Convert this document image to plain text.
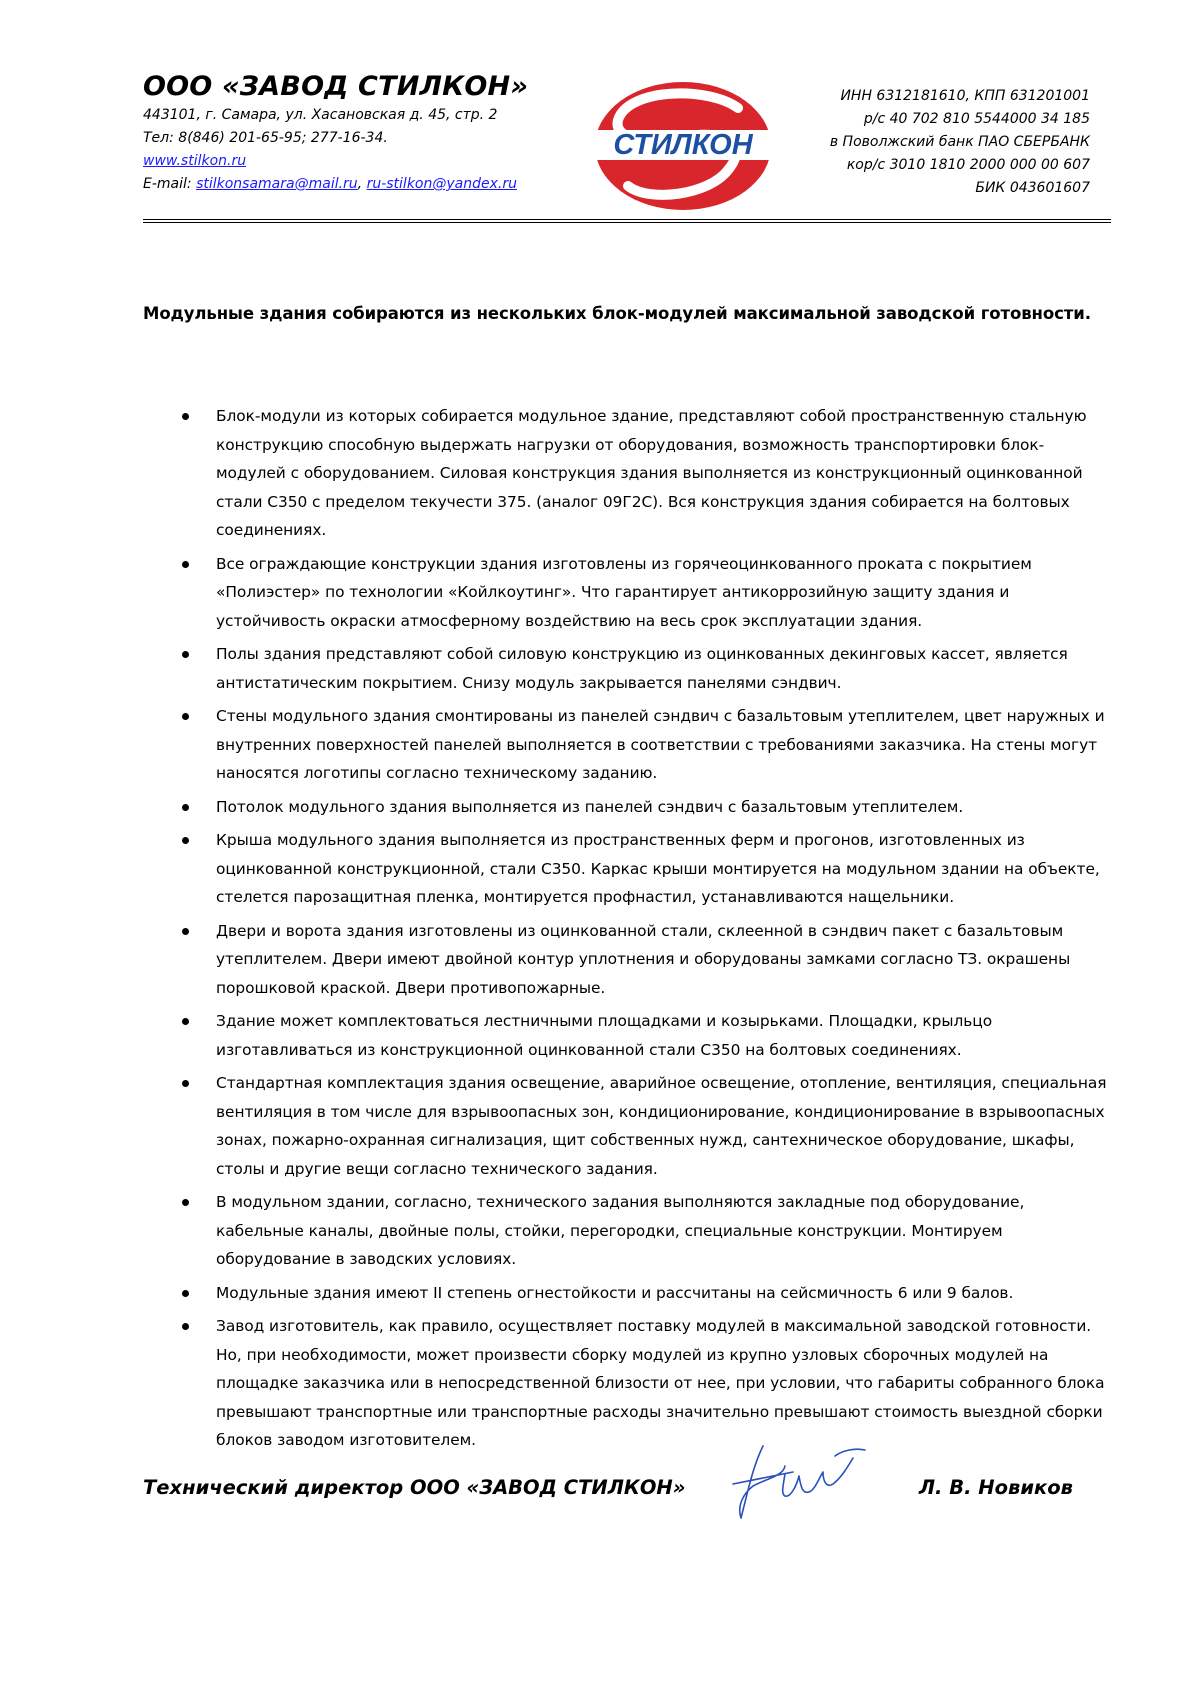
ООО «ЗАВОД СТИЛКОН»
443101, г. Самара, ул. Хасановская д. 45, стр. 2
Тел: 8(846) 201-65-95; 277-16-34.
www.stilkon.ru
E-mail: stilkonsamara@mail.ru, ru-stilkon@yandex.ru
СТИЛКОН
ИНН 6312181610, КПП 631201001
р/с 40 702 810 5544000 34 185
в Поволжский банк ПАО СБЕРБАНК
кор/с 3010 1810 2000 000 00 607
БИК 043601607
Модульные здания собираются из нескольких блок-модулей максимальной заводской готовности.
Блок-модули из которых собирается модульное здание, представляют собой пространственную стальную конструкцию способную выдержать нагрузки от оборудования, возможность транспортировки блок-модулей с оборудованием. Силовая конструкция здания выполняется из конструкционный оцинкованной стали С350 с пределом текучести 375. (аналог 09Г2С). Вся конструкция здания собирается на болтовых соединениях.
Все ограждающие конструкции здания изготовлены из горячеоцинкованного проката с покрытием «Полиэстер» по технологии «Койлкоутинг». Что гарантирует антикоррозийную защиту здания и устойчивость окраски атмосферному воздействию на весь срок эксплуатации здания.
Полы здания представляют собой силовую конструкцию из оцинкованных декинговых кассет, является антистатическим покрытием. Снизу модуль закрывается панелями сэндвич.
Стены модульного здания смонтированы из панелей сэндвич с базальтовым утеплителем, цвет наружных и внутренних поверхностей панелей выполняется в соответствии с требованиями заказчика. На стены могут наносятся логотипы согласно техническому заданию.
Потолок модульного здания выполняется из панелей сэндвич с базальтовым утеплителем.
Крыша модульного здания выполняется из пространственных ферм и прогонов, изготовленных из оцинкованной конструкционной, стали С350. Каркас крыши монтируется на модульном здании на объекте, стелется парозащитная пленка, монтируется профнастил, устанавливаются нащельники.
Двери и ворота здания изготовлены из оцинкованной стали, склеенной в сэндвич пакет с базальтовым утеплителем. Двери имеют двойной контур уплотнения и оборудованы замками согласно ТЗ. окрашены порошковой краской. Двери противопожарные.
Здание может комплектоваться лестничными площадками и козырьками. Площадки, крыльцо изготавливаться из конструкционной оцинкованной стали С350 на болтовых соединениях.
Стандартная комплектация здания освещение, аварийное освещение, отопление, вентиляция, специальная вентиляция в том числе для взрывоопасных зон, кондиционирование, кондиционирование в взрывоопасных зонах, пожарно-охранная сигнализация, щит собственных нужд, сантехническое оборудование, шкафы, столы и другие вещи согласно технического задания.
В модульном здании, согласно, технического задания выполняются закладные под оборудование, кабельные каналы, двойные полы, стойки, перегородки, специальные конструкции. Монтируем оборудование в заводских условиях.
Модульные здания имеют II степень огнестойкости и рассчитаны на сейсмичность 6 или 9 балов.
Завод изготовитель, как правило, осуществляет поставку модулей в максимальной заводской готовности. Но, при необходимости, может произвести сборку модулей из крупно узловых сборочных модулей на площадке заказчика или в непосредственной близости от нее, при условии, что габариты собранного блока превышают транспортные или транспортные расходы значительно превышают стоимость выездной сборки блоков заводом изготовителем.
Технический директор ООО «ЗАВОД СТИЛКОН»	Л. В. Новиков
